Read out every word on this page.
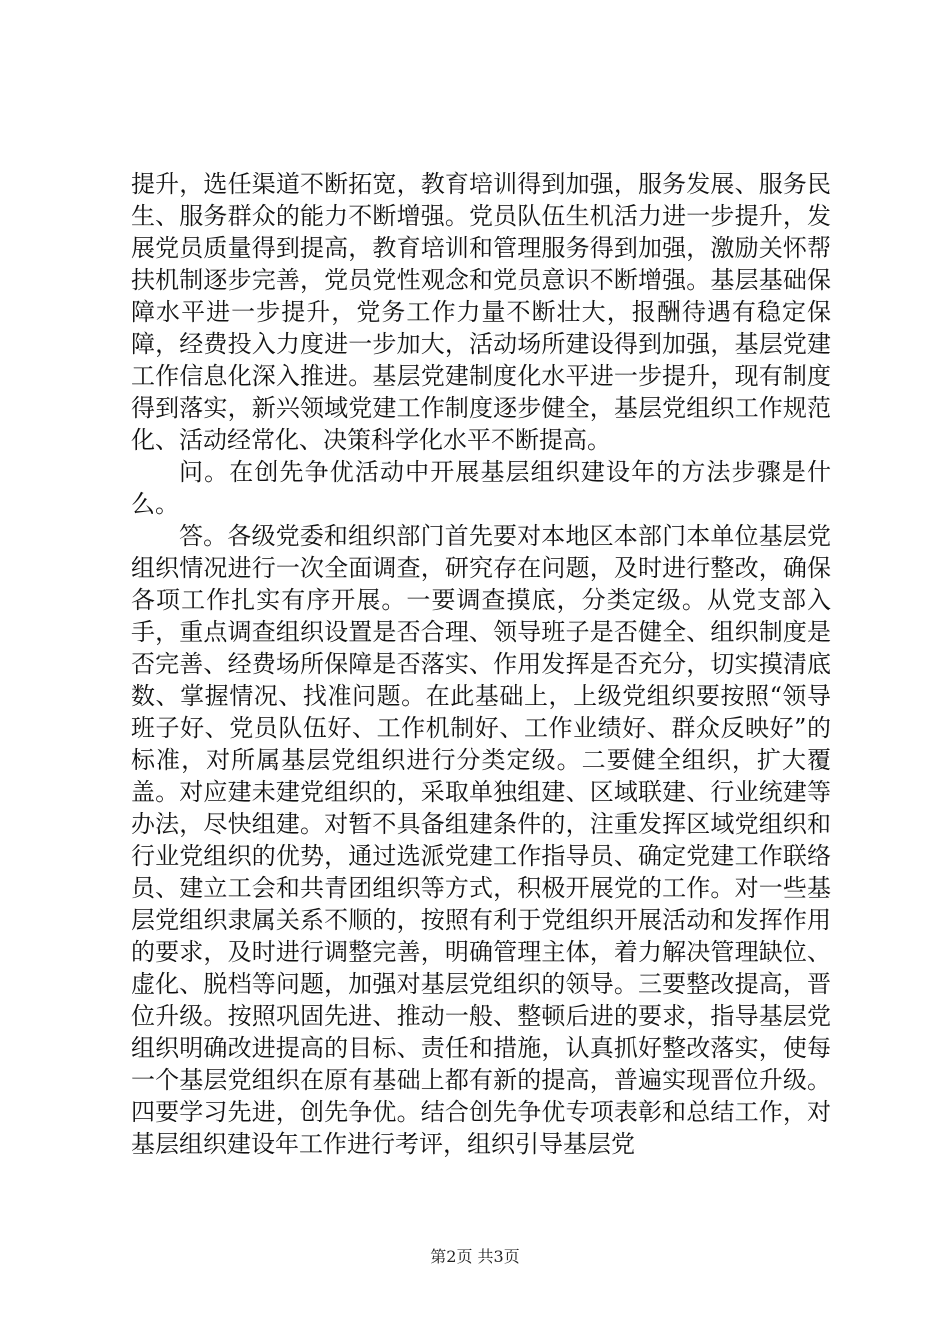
提升，选任渠道不断拓宽，教育培训得到加强，服务发展、服务民生、服务群众的能力不断增强。党员队伍生机活力进一步提升，发展党员质量得到提高，教育培训和管理服务得到加强，激励关怀帮扶机制逐步完善，党员党性观念和党员意识不断增强。基层基础保障水平进一步提升，党务工作力量不断壮大，报酬待遇有稳定保障，经费投入力度进一步加大，活动场所建设得到加强，基层党建工作信息化深入推进。基层党建制度化水平进一步提升，现有制度得到落实，新兴领域党建工作制度逐步健全，基层党组织工作规范化、活动经常化、决策科学化水平不断提高。

问。在创先争优活动中开展基层组织建设年的方法步骤是什么。

答。各级党委和组织部门首先要对本地区本部门本单位基层党组织情况进行一次全面调查，研究存在问题，及时进行整改，确保各项工作扎实有序开展。一要调查摸底，分类定级。从党支部入手，重点调查组织设置是否合理、领导班子是否健全、组织制度是否完善、经费场所保障是否落实、作用发挥是否充分，切实摸清底数、掌握情况、找准问题。在此基础上，上级党组织要按照“领导班子好、党员队伍好、工作机制好、工作业绩好、群众反映好”的标准，对所属基层党组织进行分类定级。二要健全组织，扩大覆盖。对应建未建党组织的，采取单独组建、区域联建、行业统建等办法，尽快组建。对暂不具备组建条件的，注重发挥区域党组织和行业党组织的优势，通过选派党建工作指导员、确定党建工作联络员、建立工会和共青团组织等方式，积极开展党的工作。对一些基层党组织隶属关系不顺的，按照有利于党组织开展活动和发挥作用的要求，及时进行调整完善，明确管理主体，着力解决管理缺位、虚化、脱档等问题，加强对基层党组织的领导。三要整改提高，晋位升级。按照巩固先进、推动一般、整顿后进的要求，指导基层党组织明确改进提高的目标、责任和措施，认真抓好整改落实，使每一个基层党组织在原有基础上都有新的提高，普遍实现晋位升级。四要学习先进，创先争优。结合创先争优专项表彰和总结工作，对基层组织建设年工作进行考评，组织引导基层党

第2页 共3页
